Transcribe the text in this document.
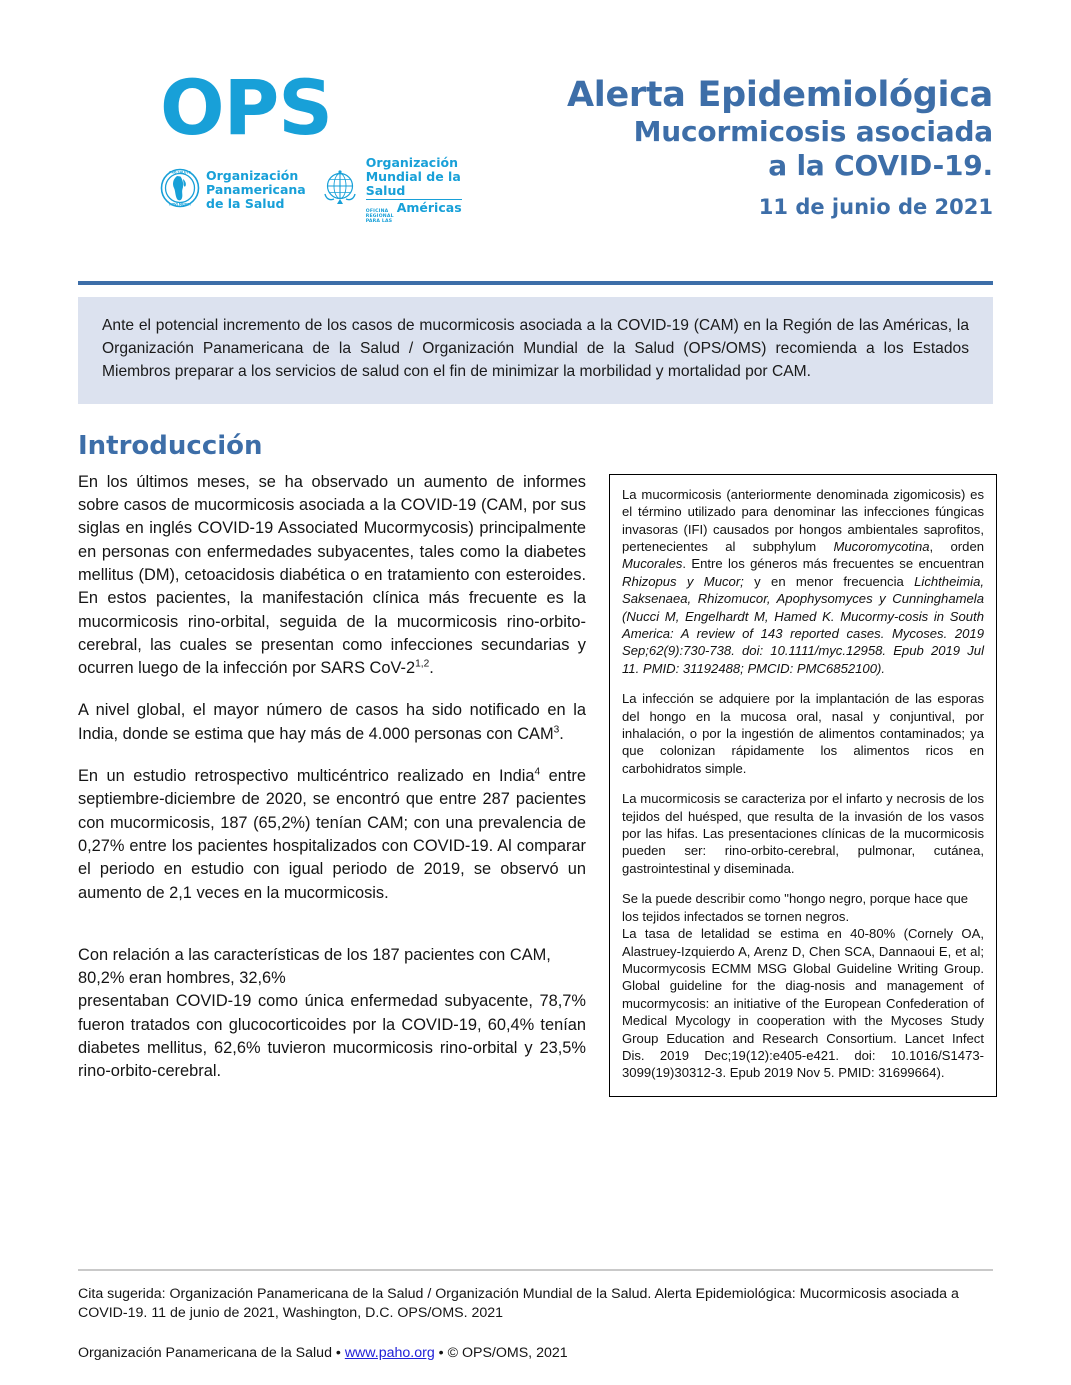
OPS
PRO SALUTE
NOVI MUNDI
Organización
Panamericana
de la Salud
Organización
Mundial de la Salud
OFICINA REGIONAL PARA LAS
Américas
Alerta Epidemiológica
Mucormicosis asociada
a la COVID-19.
11 de junio de 2021

Ante el potencial incremento de los casos de mucormicosis asociada a la COVID-19 (CAM) en la Región de las Américas, la Organización Panamericana de la Salud / Organización Mundial de la Salud (OPS/OMS) recomienda a los Estados Miembros preparar a los servicios de salud con el fin de minimizar la morbilidad y mortalidad por CAM.

Introducción

En los últimos meses, se ha observado un aumento de informes sobre casos de mucormicosis asociada a la COVID-19 (CAM, por sus siglas en inglés COVID-19 Associated Mucormycosis) principalmente en personas con enfermedades subyacentes, tales como la diabetes mellitus (DM), cetoacidosis diabética o en tratamiento con esteroides. En estos pacientes, la manifestación clínica más frecuente es la mucormicosis rino-orbital, seguida de la mucormicosis rino-orbito-cerebral, las cuales se presentan como infecciones secundarias y ocurren luego de la infección por SARS CoV-2$^{1,2}$.

A nivel global, el mayor número de casos ha sido notificado en la India, donde se estima que hay más de 4.000 personas con CAM$^3$.

En un estudio retrospectivo multicéntrico realizado en India$^4$ entre septiembre-diciembre de 2020, se encontró que entre 287 pacientes con mucormicosis, 187 (65,2%) tenían CAM; con una prevalencia de 0,27% entre los pacientes hospitalizados con COVID-19. Al comparar el periodo en estudio con igual periodo de 2019, se observó un aumento de 2,1 veces en la mucormicosis.

Con relación a las características de los 187 pacientes con CAM, 80,2% eran hombres, 32,6%

presentaban COVID-19 como única enfermedad subyacente, 78,7% fueron tratados con glucocorticoides por la COVID-19, 60,4% tenían diabetes mellitus, 62,6% tuvieron mucormicosis rino-orbital y 23,5% rino-orbito-cerebral.

La mucormicosis (anteriormente denominada zigomicosis) es el término utilizado para denominar las infecciones fúngicas invasoras (IFI) causados por hongos ambientales saprofitos, pertenecientes al subphylum Mucoromycotina, orden Mucorales. Entre los géneros más frecuentes se encuentran Rhizopus y Mucor; y en menor frecuencia Lichtheimia, Saksenaea, Rhizomucor, Apophysomyces y Cunninghamela (Nucci M, Engelhardt M, Hamed K. Mucormy-cosis in South America: A review of 143 reported cases. Mycoses. 2019 Sep;62(9):730-738. doi: 10.1111/myc.12958. Epub 2019 Jul 11. PMID: 31192488; PMCID: PMC6852100).

La infección se adquiere por la implantación de las esporas del hongo en la mucosa oral, nasal y conjuntival, por inhalación, o por la ingestión de alimentos contaminados; ya que colonizan rápidamente los alimentos ricos en carbohidratos simple.

La mucormicosis se caracteriza por el infarto y necrosis de los tejidos del huésped, que resulta de la invasión de los vasos por las hifas. Las presentaciones clínicas de la mucormicosis pueden ser: rino-orbito-cerebral, pulmonar, cutánea, gastrointestinal y diseminada.

Se la puede describir como "hongo negro, porque hace que los tejidos infectados se tornen negros.

La tasa de letalidad se estima en 40-80% (Cornely OA, Alastruey-Izquierdo A, Arenz D, Chen SCA, Dannaoui E, et al; Mucormycosis ECMM MSG Global Guideline Writing Group. Global guideline for the diag-nosis and management of mucormycosis: an initiative of the European Confederation of Medical Mycology in cooperation with the Mycoses Study Group Education and Research Consortium. Lancet Infect Dis. 2019 Dec;19(12):e405-e421. doi: 10.1016/S1473-3099(19)30312-3. Epub 2019 Nov 5. PMID: 31699664).

Cita sugerida: Organización Panamericana de la Salud / Organización Mundial de la Salud. Alerta Epidemiológica: Mucormicosis asociada a COVID-19. 11 de junio de 2021, Washington, D.C. OPS/OMS. 2021

Organización Panamericana de la Salud • www.paho.org • © OPS/OMS, 2021
